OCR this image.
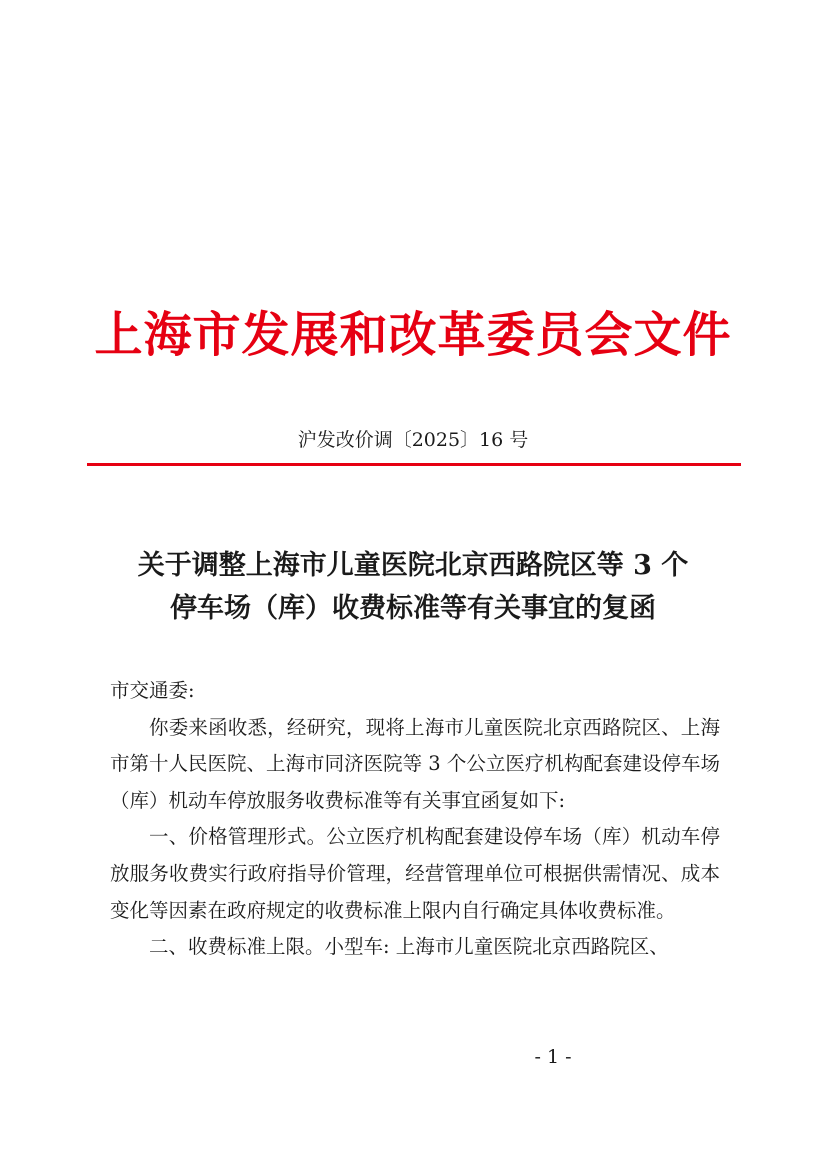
上海市发展和改革委员会文件
沪发改价调〔2025〕16 号
关于调整上海市儿童医院北京西路院区等 3 个
停车场（库）收费标准等有关事宜的复函

市交通委:

你委来函收悉，经研究，现将上海市儿童医院北京西路院区、上海市第十人民医院、上海市同济医院等 3 个公立医疗机构配套建设停车场（库）机动车停放服务收费标准等有关事宜函复如下:

一、价格管理形式。公立医疗机构配套建设停车场（库）机动车停放服务收费实行政府指导价管理，经营管理单位可根据供需情况、成本变化等因素在政府规定的收费标准上限内自行确定具体收费标准。

二、收费标准上限。小型车: 上海市儿童医院北京西路院区、

- 1 -
